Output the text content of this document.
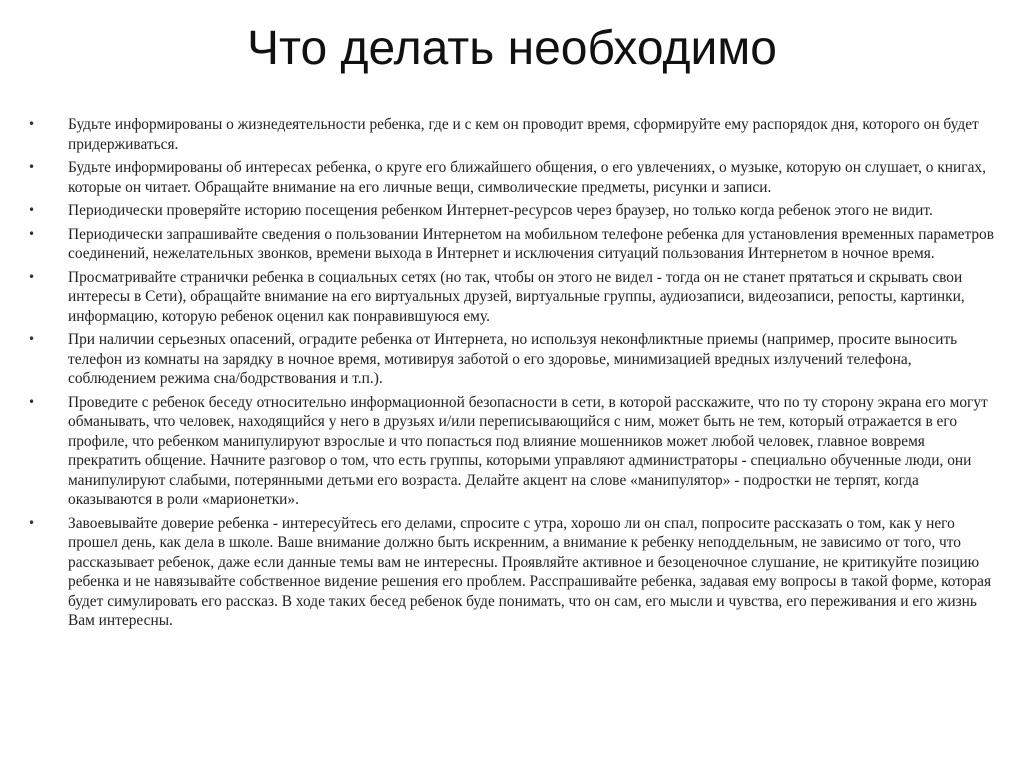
Что делать необходимо
•	Будьте информированы о жизнедеятельности ребенка, где и с кем он проводит время, сформируйте ему распорядок дня, которого он будет придерживаться.
•	Будьте информированы об интересах ребенка, о круге его ближайшего общения, о его увлечениях, о музыке, которую он слушает, о книгах, которые он читает. Обращайте внимание на его личные вещи, символические предметы, рисунки и записи.
•	Периодически проверяйте историю посещения ребенком Интернет-ресурсов через браузер, но только когда ребенок этого не видит.
•	Периодически запрашивайте сведения о пользовании Интернетом на мобильном телефоне ребенка для установления временных параметров соединений, нежелательных звонков, времени выхода в Интернет и исключения ситуаций пользования Интернетом в ночное время.
•	Просматривайте странички ребенка в социальных сетях (но так, чтобы он этого не видел - тогда он не станет прятаться и скрывать свои интересы в Сети), обращайте внимание на его виртуальных друзей, виртуальные группы, аудиозаписи, видеозаписи, репосты, картинки, информацию, которую ребенок оценил как понравившуюся ему.
•	При наличии серьезных опасений, оградите ребенка от Интернета, но используя неконфликтные приемы (например, просите выносить телефон из комнаты на зарядку в ночное время, мотивируя заботой о его здоровье, минимизацией вредных излучений телефона, соблюдением режима сна/бодрствования и т.п.).
•	Проведите с ребенок беседу относительно информационной безопасности в сети, в которой расскажите, что по ту сторону экрана его могут обманывать, что человек, находящийся у него в друзьях и/или переписывающийся с ним, может быть не тем, который отражается в его профиле, что ребенком манипулируют взрослые и что попасться под влияние мошенников может любой человек, главное вовремя прекратить общение. Начните разговор о том, что есть группы, которыми управляют администраторы - специально обученные люди, они манипулируют слабыми, потерянными детьми его возраста. Делайте акцент на слове «манипулятор» - подростки не терпят, когда оказываются в роли «марионетки».
•	Завоевывайте доверие ребенка - интересуйтесь его делами, спросите с утра, хорошо ли он спал, попросите рассказать о том, как у него прошел день, как дела в школе. Ваше внимание должно быть искренним, а внимание к ребенку неподдельным, не зависимо от того, что рассказывает ребенок, даже если данные темы вам не интересны. Проявляйте активное и безоценочное слушание, не критикуйте позицию ребенка и не навязывайте собственное видение решения его проблем. Расспрашивайте ребенка, задавая ему вопросы в такой форме, которая будет симулировать его рассказ. В ходе таких бесед ребенок буде понимать, что он сам, его мысли и чувства, его переживания и его жизнь Вам интересны.
